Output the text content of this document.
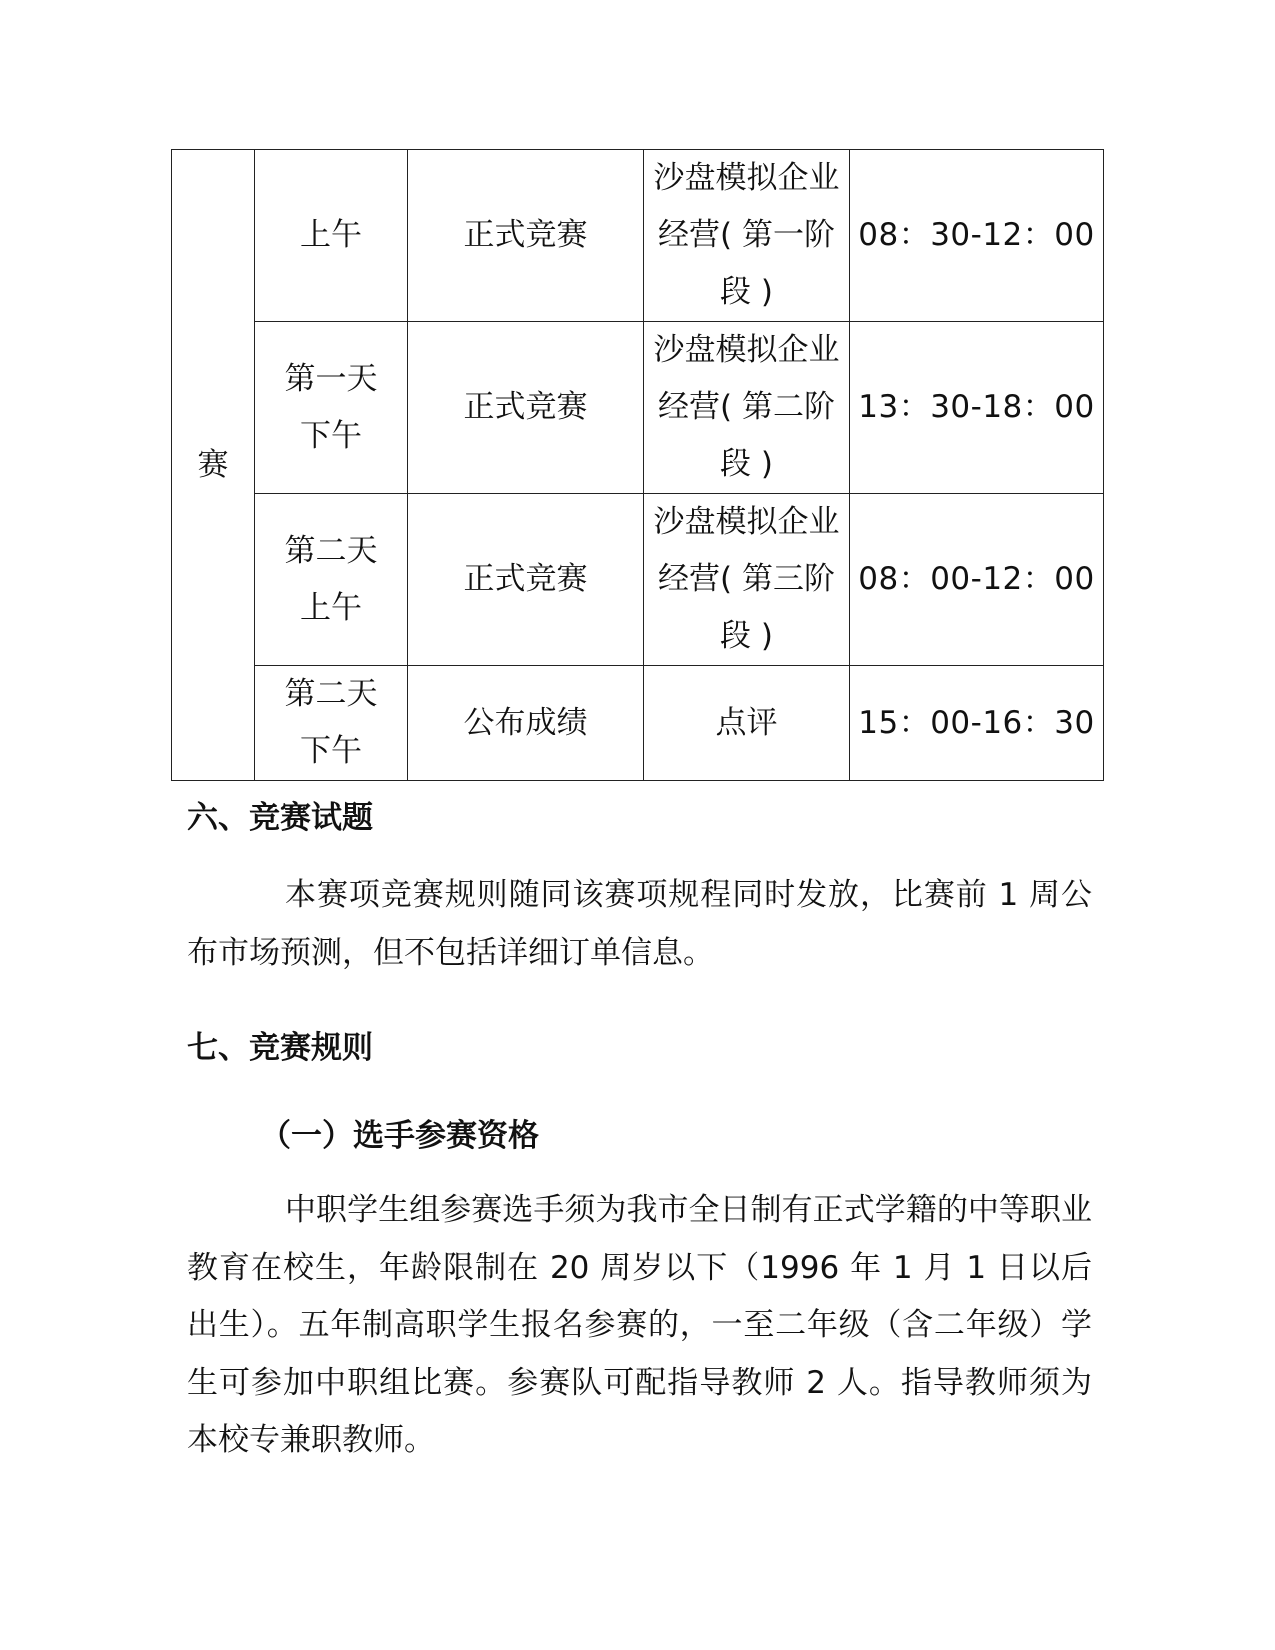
赛	上午	正式竞赛	沙盘模拟企业经营( 第一阶段 )	08：30-12：00
	第一天下午	正式竞赛	沙盘模拟企业经营( 第二阶段 )	13：30-18：00
	第二天上午	正式竞赛	沙盘模拟企业经营( 第三阶段 )	08：00-12：00
	第二天下午	公布成绩	点评	15：00-16：30
六、竞赛试题

本赛项竞赛规则随同该赛项规程同时发放，比赛前 1 周公布市场预测，但不包括详细订单信息。

七、竞赛规则
（一）选手参赛资格

中职学生组参赛选手须为我市全日制有正式学籍的中等职业教育在校生，年龄限制在 20 周岁以下（1996 年 1 月 1 日以后出生）。五年制高职学生报名参赛的，一至二年级（含二年级）学生可参加中职组比赛。参赛队可配指导教师 2 人。指导教师须为本校专兼职教师。
